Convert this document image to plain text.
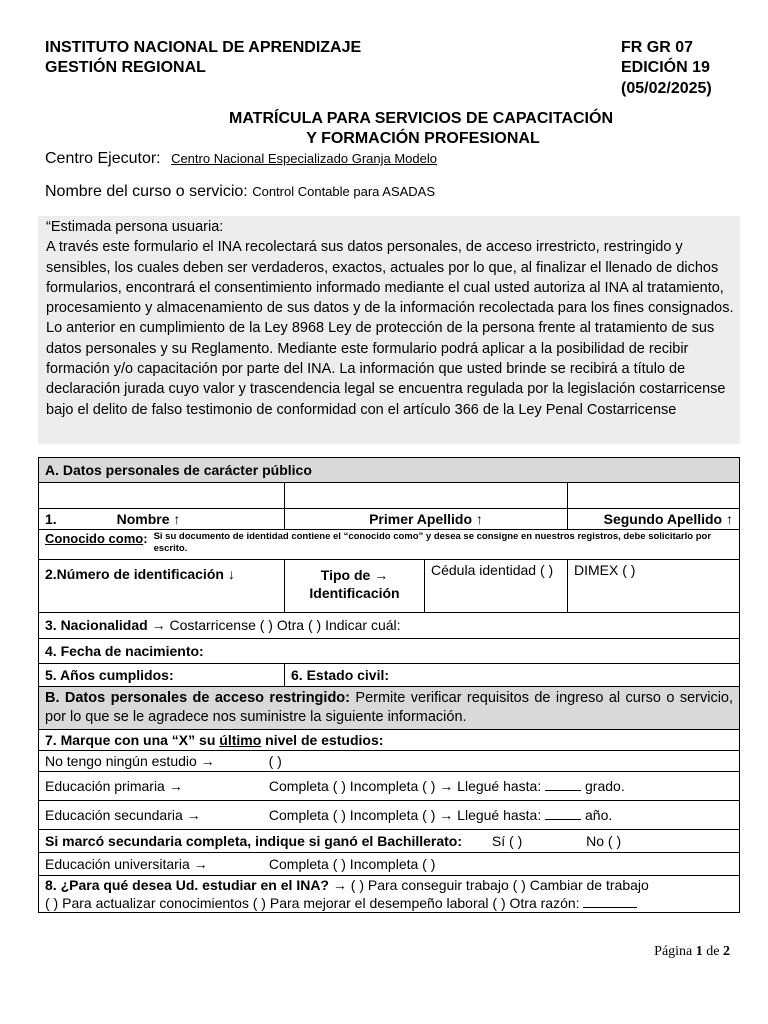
INSTITUTO NACIONAL DE APRENDIZAJE
GESTIÓN REGIONAL
FR GR 07
EDICIÓN 19
(05/02/2025)
MATRÍCULA PARA SERVICIOS DE CAPACITACIÓN
Y FORMACIÓN PROFESIONAL
Centro Ejecutor: Centro Nacional Especializado Granja Modelo
Nombre del curso o servicio: Control Contable para ASADAS

“Estimada persona usuaria:

A través este formulario el INA recolectará sus datos personales, de acceso irrestricto, restringido y sensibles, los cuales deben ser verdaderos, exactos, actuales por lo que, al finalizar el llenado de dichos formularios, encontrará el consentimiento informado mediante el cual usted autoriza al INA al tratamiento, procesamiento y almacenamiento de sus datos y de la información recolectada para los fines consignados. Lo anterior en cumplimiento de la Ley 8968 Ley de protección de la persona frente al tratamiento de sus datos personales y su Reglamento. Mediante este formulario podrá aplicar a la posibilidad de recibir formación y/o capacitación por parte del INA. La información que usted brinde se recibirá a título de declaración jurada cuyo valor y trascendencia legal se encuentra regulada por la legislación costarricense bajo el delito de falso testimonio de conformidad con el artículo 366 de la Ley Penal Costarricense

A. Datos personales de carácter público			

1. Nombre ↑	Primer Apellido ↑		Segundo Apellido ↑

Conocido como: Si su documento de identidad contiene el “conocido como” y desea se consigne en nuestros registros, debe solicitarlo por escrito.			

2.Número de identificación ↓	Tipo de → Identificación	Cédula identidad ( )	DIMEX ( )
3. Nacionalidad → Costarricense ( ) Otra ( ) Indicar cuál:			
4. Fecha de nacimiento:			
5. Años cumplidos:	6. Estado civil:		
B. Datos personales de acceso restringido: Permite verificar requisitos de ingreso al curso o servicio, por lo que se le agradece nos suministre la siguiente información.			
7. Marque con una “X” su último nivel de estudios:			
No tengo ningún estudio → ( )			
Educación primaria → Completa ( ) Incompleta ( ) → Llegué hasta: grado.			
Educación secundaria → Completa ( ) Incompleta ( ) → Llegué hasta: año.			
Si marcó secundaria completa, indique si ganó el Bachillerato: Sí ( ) No ( )			
Educación universitaria → Completa ( ) Incompleta ( )			

8. ¿Para qué desea Ud. estudiar en el INA? → ( ) Para conseguir trabajo ( ) Cambiar de trabajo
( ) Para actualizar conocimientos ( ) Para mejorar el desempeño laboral ( ) Otra razón:			
Página 1 de 2
